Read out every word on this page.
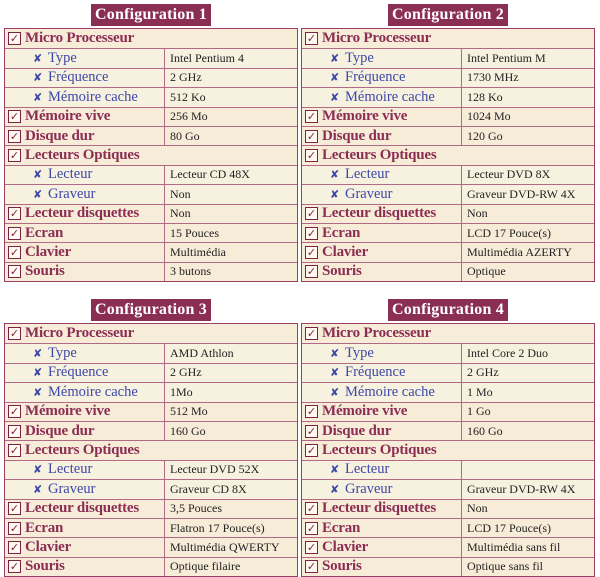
Configuration 1
✓ Micro Processeur
✘ Type	Intel Pentium 4
✘ Fréquence	2 GHz
✘ Mémoire cache	512 Ko
✓ Mémoire vive	256 Mo
✓ Disque dur	80 Go
✓ Lecteurs Optiques
✘ Lecteur	Lecteur CD 48X
✘ Graveur	Non
✓ Lecteur disquettes	Non
✓ Ecran	15 Pouces
✓ Clavier	Multimédia
✓ Souris	3 butons
Configuration 2
✓ Micro Processeur
✘ Type	Intel Pentium M
✘ Fréquence	1730 MHz
✘ Mémoire cache	128 Ko
✓ Mémoire vive	1024 Mo
✓ Disque dur	120 Go
✓ Lecteurs Optiques
✘ Lecteur	Lecteur DVD 8X
✘ Graveur	Graveur DVD-RW 4X
✓ Lecteur disquettes	Non
✓ Ecran	LCD 17 Pouce(s)
✓ Clavier	Multimédia AZERTY
✓ Souris	Optique
Configuration 3
✓ Micro Processeur
✘ Type	AMD Athlon
✘ Fréquence	2 GHz
✘ Mémoire cache	1Mo
✓ Mémoire vive	512 Mo
✓ Disque dur	160 Go
✓ Lecteurs Optiques
✘ Lecteur	Lecteur DVD 52X
✘ Graveur	Graveur CD 8X
✓ Lecteur disquettes	3,5 Pouces
✓ Ecran	Flatron 17 Pouce(s)
✓ Clavier	Multimédia QWERTY
✓ Souris	Optique filaire
Configuration 4
✓ Micro Processeur
✘ Type	Intel Core 2 Duo
✘ Fréquence	2 GHz
✘ Mémoire cache	1 Mo
✓ Mémoire vive	1 Go
✓ Disque dur	160 Go
✓ Lecteurs Optiques
✘ Lecteur
✘ Graveur	Graveur DVD-RW 4X
✓ Lecteur disquettes	Non
✓ Ecran	LCD 17 Pouce(s)
✓ Clavier	Multimédia sans fil
✓ Souris	Optique sans fil
